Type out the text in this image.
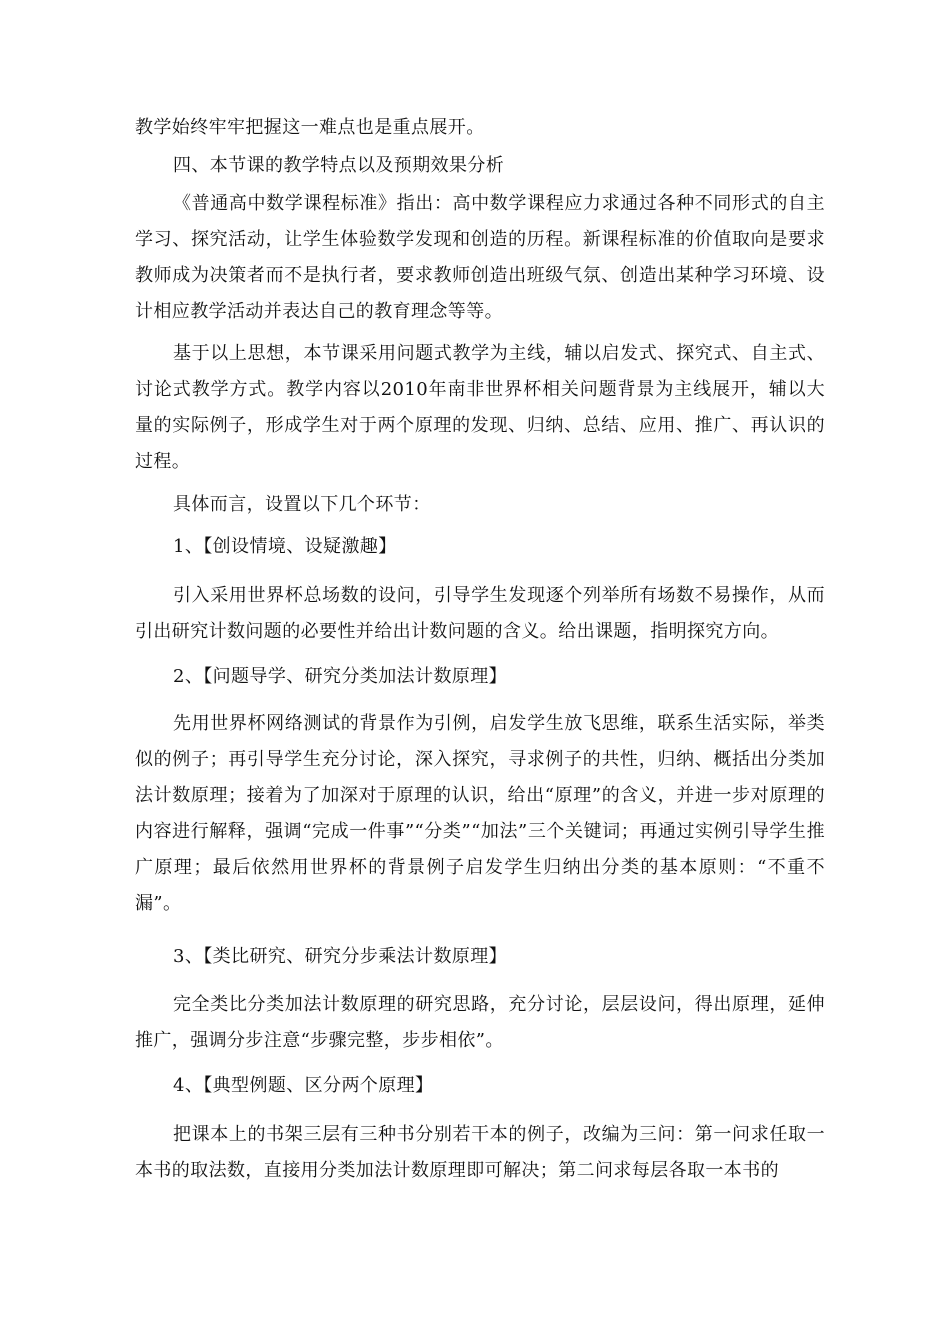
教学始终牢牢把握这一难点也是重点展开。

四、本节课的教学特点以及预期效果分析

《普通高中数学课程标准》指出：高中数学课程应力求通过各种不同形式的自主学习、探究活动，让学生体验数学发现和创造的历程。新课程标准的价值取向是要求教师成为决策者而不是执行者，要求教师创造出班级气氛、创造出某种学习环境、设计相应教学活动并表达自己的教育理念等等。

基于以上思想，本节课采用问题式教学为主线，辅以启发式、探究式、自主式、讨论式教学方式。教学内容以2010年南非世界杯相关问题背景为主线展开，辅以大量的实际例子，形成学生对于两个原理的发现、归纳、总结、应用、推广、再认识的过程。

具体而言，设置以下几个环节：

1、【创设情境、设疑激趣】

引入采用世界杯总场数的设问，引导学生发现逐个列举所有场数不易操作，从而引出研究计数问题的必要性并给出计数问题的含义。给出课题，指明探究方向。

2、【问题导学、研究分类加法计数原理】

先用世界杯网络测试的背景作为引例，启发学生放飞思维，联系生活实际，举类似的例子；再引导学生充分讨论，深入探究，寻求例子的共性，归纳、概括出分类加法计数原理；接着为了加深对于原理的认识，给出“原理”的含义，并进一步对原理的内容进行解释，强调“完成一件事”“分类”“加法”三个关键词；再通过实例引导学生推广原理；最后依然用世界杯的背景例子启发学生归纳出分类的基本原则：“不重不漏”。

3、【类比研究、研究分步乘法计数原理】

完全类比分类加法计数原理的研究思路，充分讨论，层层设问，得出原理，延伸推广，强调分步注意“步骤完整，步步相依”。

4、【典型例题、区分两个原理】

把课本上的书架三层有三种书分别若干本的例子，改编为三问：第一问求任取一本书的取法数，直接用分类加法计数原理即可解决；第二问求每层各取一本书的
